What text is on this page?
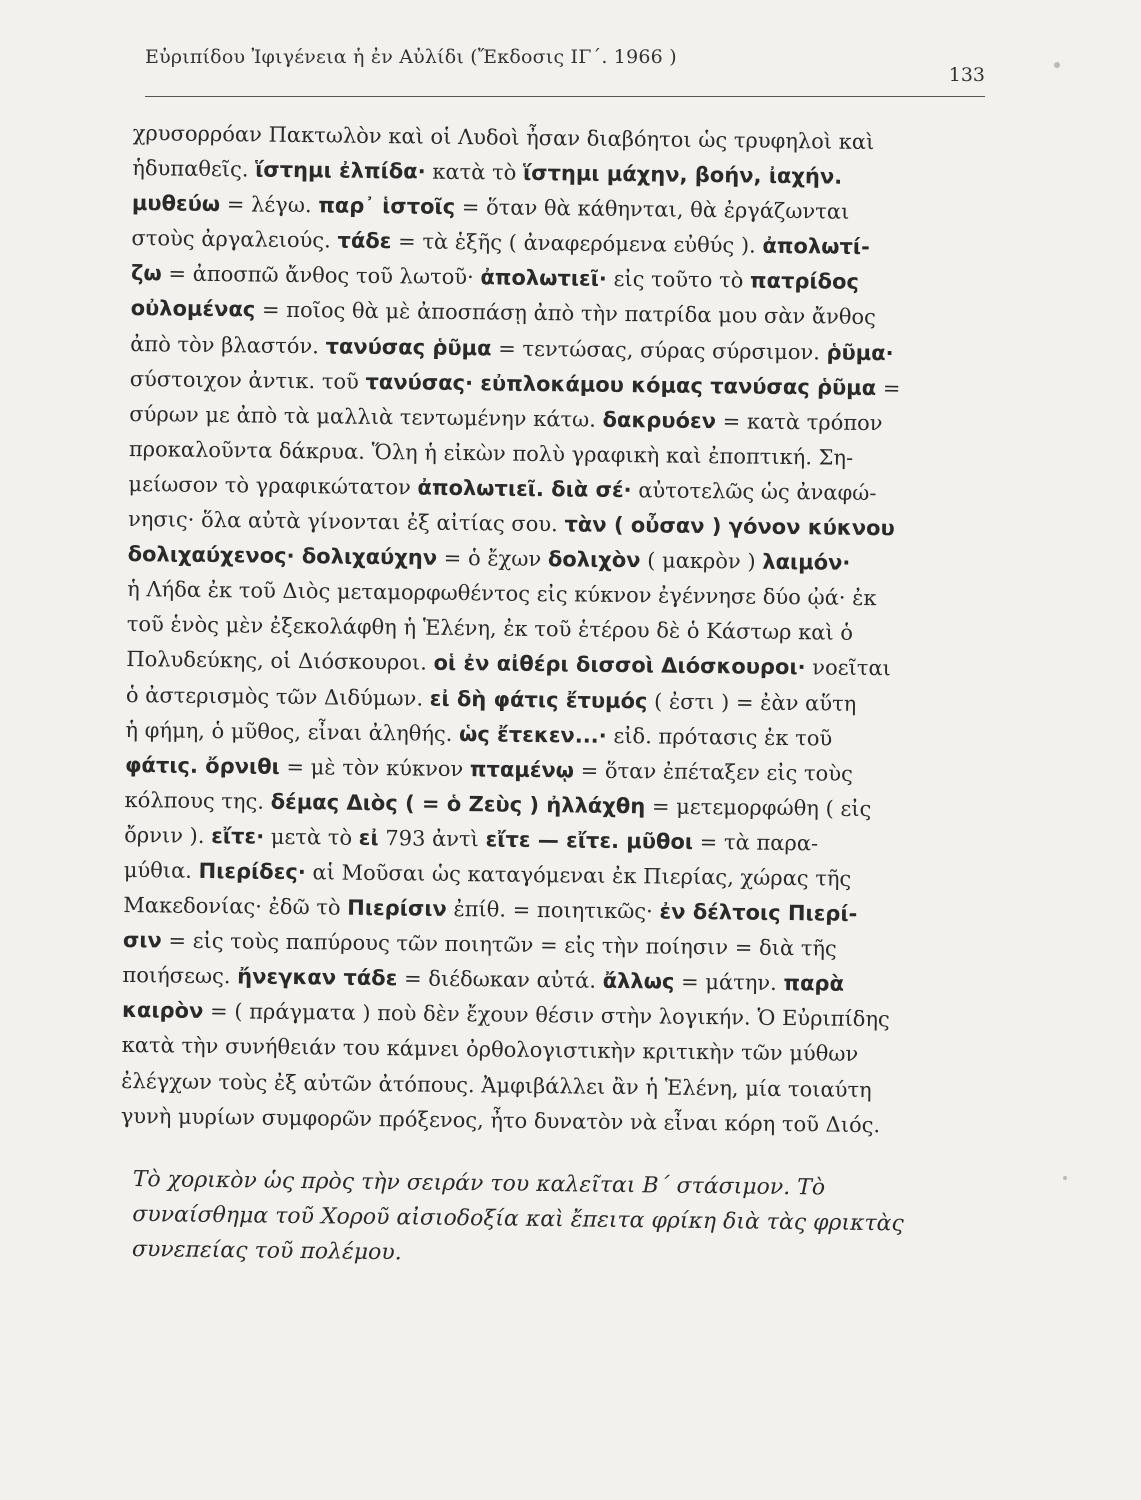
Εὐριπίδου Ἰφιγένεια ἡ ἐν Αὐλίδι (Ἔκδοσις ΙΓ΄. 1966 )
133
χρυσορρόαν Πακτωλὸν καὶ οἱ Λυδοὶ ἦσαν διαβόητοι ὡς τρυφηλοὶ καὶ
ἡδυπαθεῖς. ἵστημι ἐλπίδα· κατὰ τὸ ἵστημι μάχην, βοήν, ἰαχήν.
μυθεύω = λέγω. παρ᾿ ἱστοῖς = ὅταν θὰ κάθηνται, θὰ ἐργάζωνται
στοὺς ἀργαλειούς. τάδε = τὰ ἑξῆς ( ἀναφερόμενα εὐθύς ). ἀπολωτί-
ζω = ἀποσπῶ ἄνθος τοῦ λωτοῦ· ἀπολωτιεῖ· εἰς τοῦτο τὸ πατρίδος
οὐλομένας = ποῖος θὰ μὲ ἀποσπάσῃ ἀπὸ τὴν πατρίδα μου σὰν ἄνθος
ἀπὸ τὸν βλαστόν. τανύσας ῥῦμα = τεντώσας, σύρας σύρσιμον. ῥῦμα·
σύστοιχον ἀντικ. τοῦ τανύσας· εὐπλοκάμου κόμας τανύσας ῥῦμα =
σύρων με ἀπὸ τὰ μαλλιὰ τεντωμένην κάτω. δακρυόεν = κατὰ τρόπον
προκαλοῦντα δάκρυα. Ὅλη ἡ εἰκὼν πολὺ γραφικὴ καὶ ἐποπτική. Ση-
μείωσον τὸ γραφικώτατον ἀπολωτιεῖ. διὰ σέ· αὐτοτελῶς ὡς ἀναφώ-
νησις· ὅλα αὐτὰ γίνονται ἐξ αἰτίας σου. τὰν ( οὖσαν ) γόνον κύκνου
δολιχαύχενος· δολιχαύχην = ὁ ἔχων δολιχὸν ( μακρὸν ) λαιμόν·
ἡ Λήδα ἐκ τοῦ Διὸς μεταμορφωθέντος εἰς κύκνον ἐγέννησε δύο ᾠά· ἐκ
τοῦ ἑνὸς μὲν ἐξεκολάφθη ἡ Ἑλένη, ἐκ τοῦ ἑτέρου δὲ ὁ Κάστωρ καὶ ὁ
Πολυδεύκης, οἱ Διόσκουροι. οἱ ἐν αἰθέρι δισσοὶ Διόσκουροι· νοεῖται
ὁ ἀστερισμὸς τῶν Διδύμων. εἰ δὴ φάτις ἔτυμός ( ἐστι ) = ἐὰν αὕτη
ἡ φήμη, ὁ μῦθος, εἶναι ἀληθής. ὡς ἔτεκεν...· εἰδ. πρότασις ἐκ τοῦ
φάτις. ὄρνιθι = μὲ τὸν κύκνον πταμένῳ = ὅταν ἐπέταξεν εἰς τοὺς
κόλπους της. δέμας Διὸς ( = ὁ Ζεὺς ) ἠλλάχθη = μετεμορφώθη ( εἰς
ὄρνιν ). εἴτε· μετὰ τὸ εἰ 793 ἀντὶ εἴτε — εἴτε. μῦθοι = τὰ παρα-
μύθια. Πιερίδες· αἱ Μοῦσαι ὡς καταγόμεναι ἐκ Πιερίας, χώρας τῆς
Μακεδονίας· ἐδῶ τὸ Πιερίσιν ἐπίθ. = ποιητικῶς· ἐν δέλτοις Πιερί-
σιν = εἰς τοὺς παπύρους τῶν ποιητῶν = εἰς τὴν ποίησιν = διὰ τῆς
ποιήσεως. ἤνεγκαν τάδε = διέδωκαν αὐτά. ἄλλως = μάτην. παρὰ
καιρὸν = ( πράγματα ) ποὺ δὲν ἔχουν θέσιν στὴν λογικήν. Ὁ Εὐριπίδης
κατὰ τὴν συνήθειάν του κάμνει ὀρθολογιστικὴν κριτικὴν τῶν μύθων
ἐλέγχων τοὺς ἐξ αὐτῶν ἀτόπους. Ἀμφιβάλλει ἂν ἡ Ἑλένη, μία τοιαύτη
γυνὴ μυρίων συμφορῶν πρόξενος, ἦτο δυνατὸν νὰ εἶναι κόρη τοῦ Διός.
Τὸ χορικὸν ὡς πρὸς τὴν σειράν του καλεῖται Β΄ στάσιμον. Τὸ
συναίσθημα τοῦ Χοροῦ αἰσιοδοξία καὶ ἔπειτα φρίκη διὰ τὰς φρικτὰς
συνεπείας τοῦ πολέμου.
